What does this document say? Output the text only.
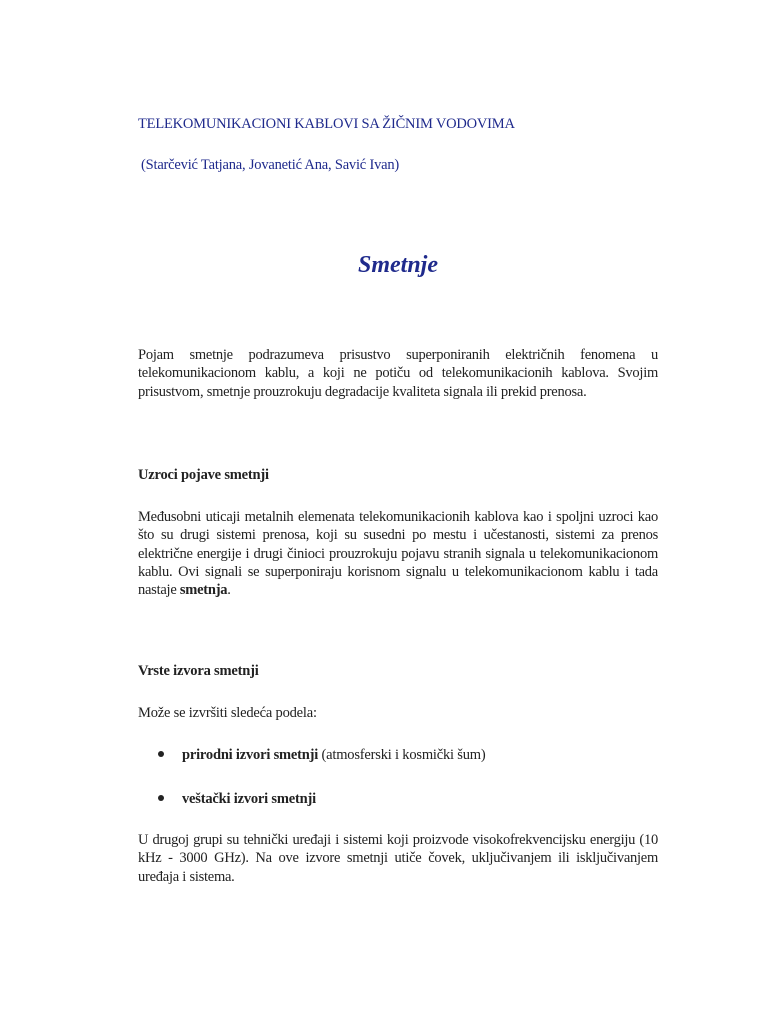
TELEKOMUNIKACIONI KABLOVI SA ŽIČNIM VODOVIMA
(Starčević Tatjana, Jovanetić Ana, Savić Ivan)
Smetnje
Pojam smetnje podrazumeva prisustvo superponiranih električnih fenomena u telekomunikacionom kablu, a koji ne potiču od telekomunikacionih kablova. Svojim prisustvom, smetnje prouzrokuju degradacije kvaliteta signala ili prekid prenosa.
Uzroci pojave smetnji
Međusobni uticaji metalnih elemenata telekomunikacionih kablova kao i spoljni uzroci kao što su drugi sistemi prenosa, koji su susedni po mestu i učestanosti, sistemi za prenos električne energije i drugi činioci prouzrokuju pojavu stranih signala u telekomunikacionom kablu. Ovi signali se superponiraju korisnom signalu u telekomunikacionom kablu i tada nastaje smetnja.
Vrste izvora smetnji
Može se izvršiti sledeća podela:
prirodni izvori smetnji (atmosferski i kosmički šum)
veštački izvori smetnji
U drugoj grupi su tehnički uređaji i sistemi koji proizvode visokofrekvencijsku energiju (10 kHz - 3000 GHz). Na ove izvore smetnji utiče čovek, uključivanjem ili isključivanjem uređaja i sistema.
